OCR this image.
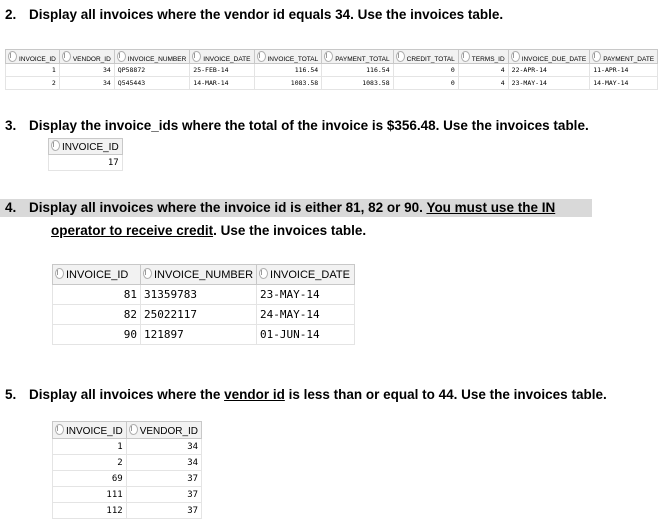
2. Display all invoices where the vendor id equals 34. Use the invoices table.
INVOICE_ID	VENDOR_ID	INVOICE_NUMBER	INVOICE_DATE	INVOICE_TOTAL	PAYMENT_TOTAL	CREDIT_TOTAL	TERMS_ID	INVOICE_DUE_DATE	PAYMENT_DATE
1	34	QP58872	25-FEB-14	116.54	116.54	0	4	22-APR-14	11-APR-14
2	34	Q545443	14-MAR-14	1083.58	1083.58	0	4	23-MAY-14	14-MAY-14
3. Display the invoice_ids where the total of the invoice is $356.48. Use the invoices table.
INVOICE_ID
17
4. Display all invoices where the invoice id is either 81, 82 or 90. You must use the IN
operator to receive credit. Use the invoices table.
INVOICE_ID	INVOICE_NUMBER	INVOICE_DATE
81	31359783	23-MAY-14
82	25022117	24-MAY-14
90	121897	01-JUN-14
5. Display all invoices where the vendor id is less than or equal to 44. Use the invoices table.
INVOICE_ID	VENDOR_ID
1	34
2	34
69	37
111	37
112	37
